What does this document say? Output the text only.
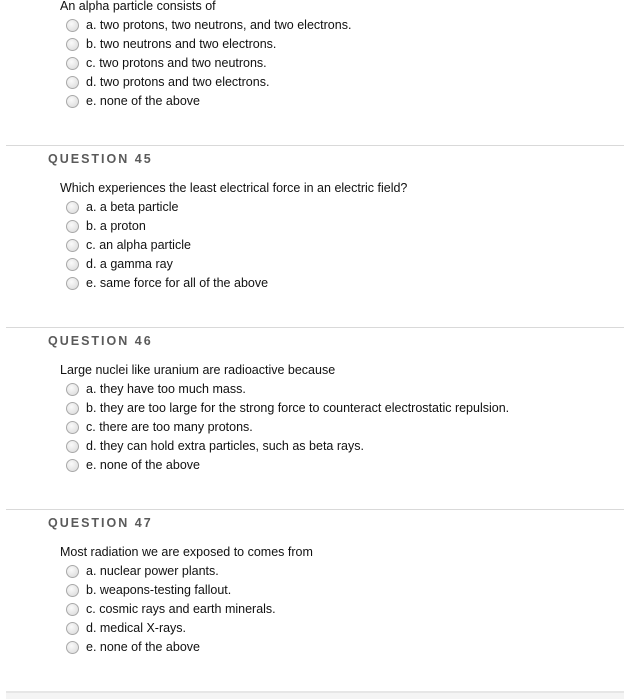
An alpha particle consists of
a. two protons, two neutrons, and two electrons.
b. two neutrons and two electrons.
c. two protons and two neutrons.
d. two protons and two electrons.
e. none of the above
QUESTION 45
Which experiences the least electrical force in an electric field?
a. a beta particle
b. a proton
c. an alpha particle
d. a gamma ray
e. same force for all of the above
QUESTION 46
Large nuclei like uranium are radioactive because
a. they have too much mass.
b. they are too large for the strong force to counteract electrostatic repulsion.
c. there are too many protons.
d. they can hold extra particles, such as beta rays.
e. none of the above
QUESTION 47
Most radiation we are exposed to comes from
a. nuclear power plants.
b. weapons-testing fallout.
c. cosmic rays and earth minerals.
d. medical X-rays.
e. none of the above
